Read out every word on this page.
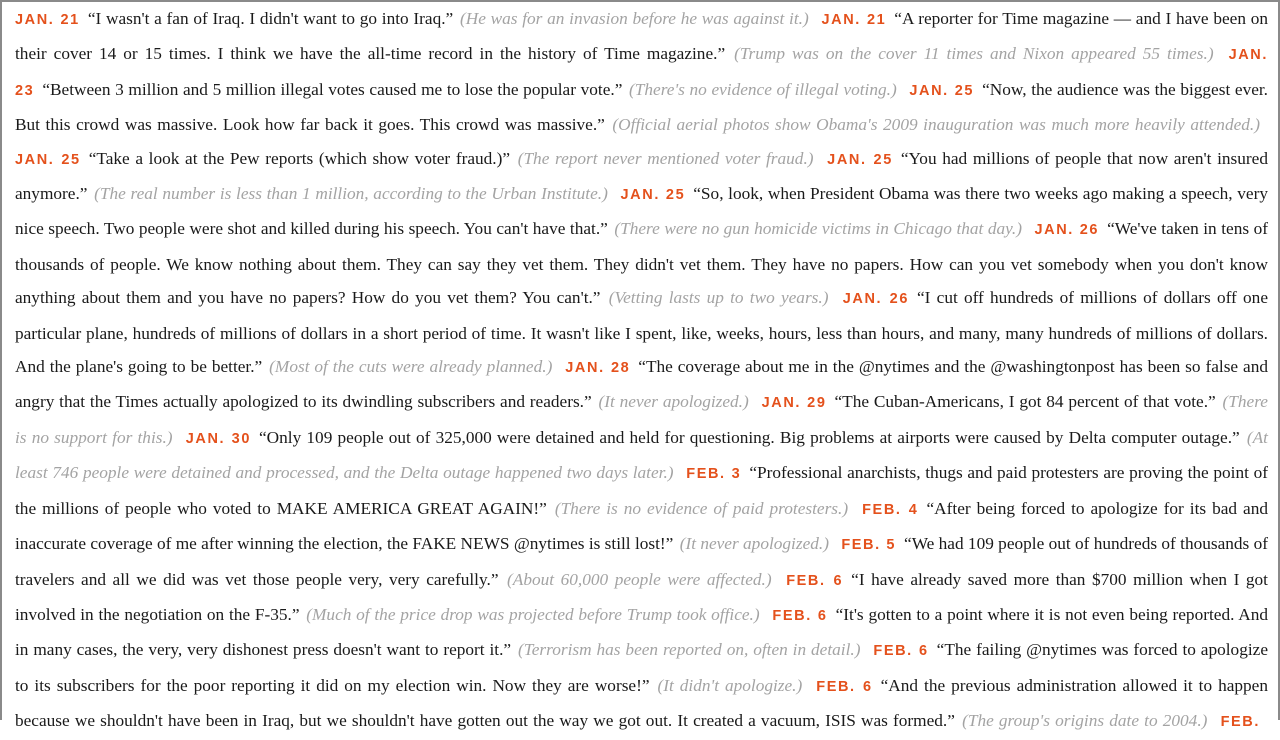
JAN. 21 “I wasn't a fan of Iraq. I didn't want to go into Iraq.” (He was for an invasion before he was against it.) JAN. 21 “A reporter for Time magazine — and I have been on their cover 14 or 15 times. I think we have the all-time record in the history of Time magazine.” (Trump was on the cover 11 times and Nixon appeared 55 times.) JAN. 23 “Between 3 million and 5 million illegal votes caused me to lose the popular vote.” (There's no evidence of illegal voting.) JAN. 25 “Now, the audience was the biggest ever. But this crowd was massive. Look how far back it goes. This crowd was massive.” (Official aerial photos show Obama's 2009 inauguration was much more heavily attended.) JAN. 25 “Take a look at the Pew reports (which show voter fraud.)” (The report never mentioned voter fraud.) JAN. 25 “You had millions of people that now aren't insured anymore.” (The real number is less than 1 million, according to the Urban Institute.) JAN. 25 “So, look, when President Obama was there two weeks ago making a speech, very nice speech. Two people were shot and killed during his speech. You can't have that.” (There were no gun homicide victims in Chicago that day.) JAN. 26 “We've taken in tens of thousands of people. We know nothing about them. They can say they vet them. They didn't vet them. They have no papers. How can you vet somebody when you don't know anything about them and you have no papers? How do you vet them? You can't.” (Vetting lasts up to two years.) JAN. 26 “I cut off hundreds of millions of dollars off one particular plane, hundreds of millions of dollars in a short period of time. It wasn't like I spent, like, weeks, hours, less than hours, and many, many hundreds of millions of dollars. And the plane's going to be better.” (Most of the cuts were already planned.) JAN. 28 “The coverage about me in the @nytimes and the @washingtonpost has been so false and angry that the Times actually apologized to its dwindling subscribers and readers.” (It never apologized.) JAN. 29 “The Cuban-Americans, I got 84 percent of that vote.” (There is no support for this.) JAN. 30 “Only 109 people out of 325,000 were detained and held for questioning. Big problems at airports were caused by Delta computer outage.” (At least 746 people were detained and processed, and the Delta outage happened two days later.) FEB. 3 “Professional anarchists, thugs and paid protesters are proving the point of the millions of people who voted to MAKE AMERICA GREAT AGAIN!” (There is no evidence of paid protesters.) FEB. 4 “After being forced to apologize for its bad and inaccurate coverage of me after winning the election, the FAKE NEWS @nytimes is still lost!” (It never apologized.) FEB. 5 “We had 109 people out of hundreds of thousands of travelers and all we did was vet those people very, very carefully.” (About 60,000 people were affected.) FEB. 6 “I have already saved more than $700 million when I got involved in the negotiation on the F-35.” (Much of the price drop was projected before Trump took office.) FEB. 6 “It's gotten to a point where it is not even being reported. And in many cases, the very, very dishonest press doesn't want to report it.” (Terrorism has been reported on, often in detail.) FEB. 6 “The failing @nytimes was forced to apologize to its subscribers for the poor reporting it did on my election win. Now they are worse!” (It didn't apologize.) FEB. 6 “And the previous administration allowed it to happen because we shouldn't have been in Iraq, but we shouldn't have gotten out the way we got out. It created a vacuum, ISIS was formed.” (The group's origins date to 2004.) FEB.
